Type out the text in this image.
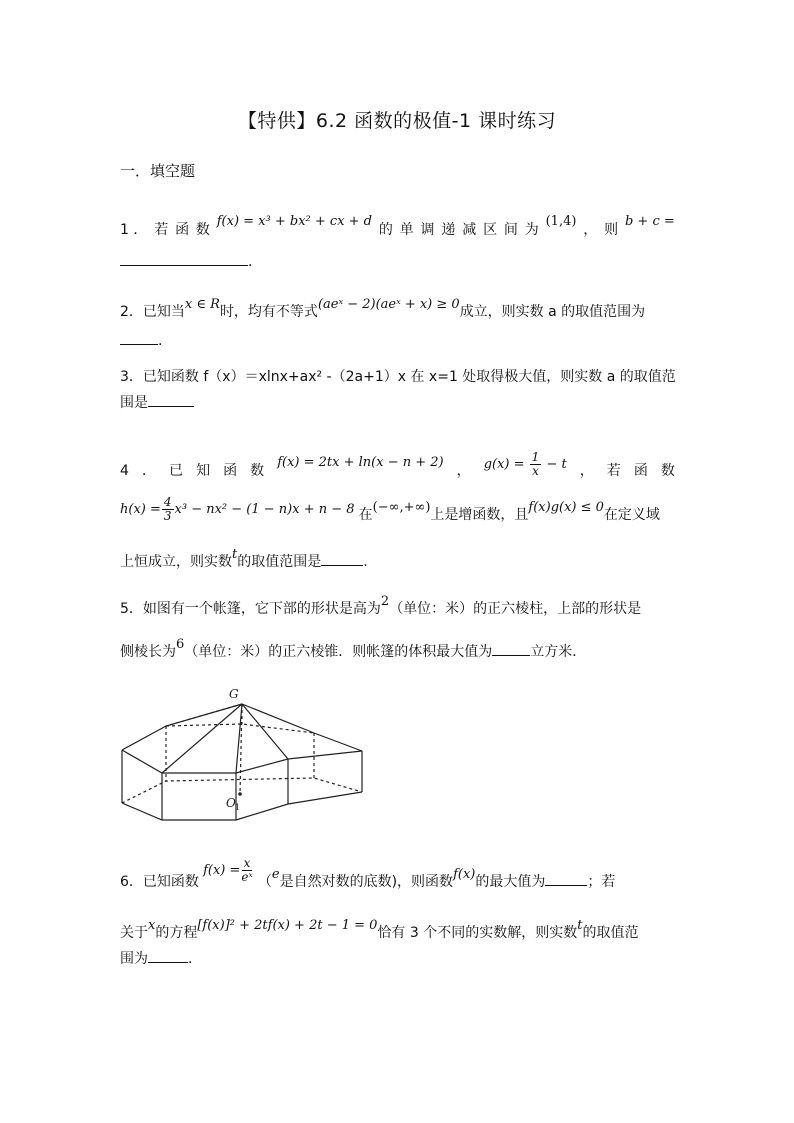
【特供】6.2 函数的极值-1 课时练习
一．填空题
1 ． 若 函 数
f(x) = x³ + bx² + cx + d
的 单 调 递 减 区 间 为
(1,4)
， 则
b + c =
.
2．已知当x ∈ R时，均有不等式(aeˣ − 2)(aeˣ + x) ≥ 0成立，则实数 a 的取值范围为
.
3．已知函数 f（x）＝xlnx+ax² -（2a+1）x 在 x=1 处取得极大值，则实数 a 的取值范
围是
4 ． 已 知 函 数
f(x) = 2tx + ln(x − n + 2)
， $g(x) = \frac{1}{x} - t$ ， 若 函 数
$h(x) = \frac{4}{3} x^3 - nx^2 - (1 - n)x + n - 8$ 在(−∞,+∞)上是增函数，且f(x)g(x) ≤ 0在定义域
上恒成立，则实数t的取值范围是	.
5．如图有一个帐篷，它下部的形状是高为2（单位：米）的正六棱柱，上部的形状是
侧棱长为6（单位：米）的正六棱锥．则帐篷的体积最大值为	立方米．
G
O 1
6．已知函数 $f(x) = \frac{x}{\text{eˣ}} (e$是自然对数的底数)，则函数f(x)的最大值为	；若
关于x的方程[f(x)]² + 2tf(x) + 2t − 1 = 0恰有 3 个不同的实数解，则实数t的取值范
围为	.
